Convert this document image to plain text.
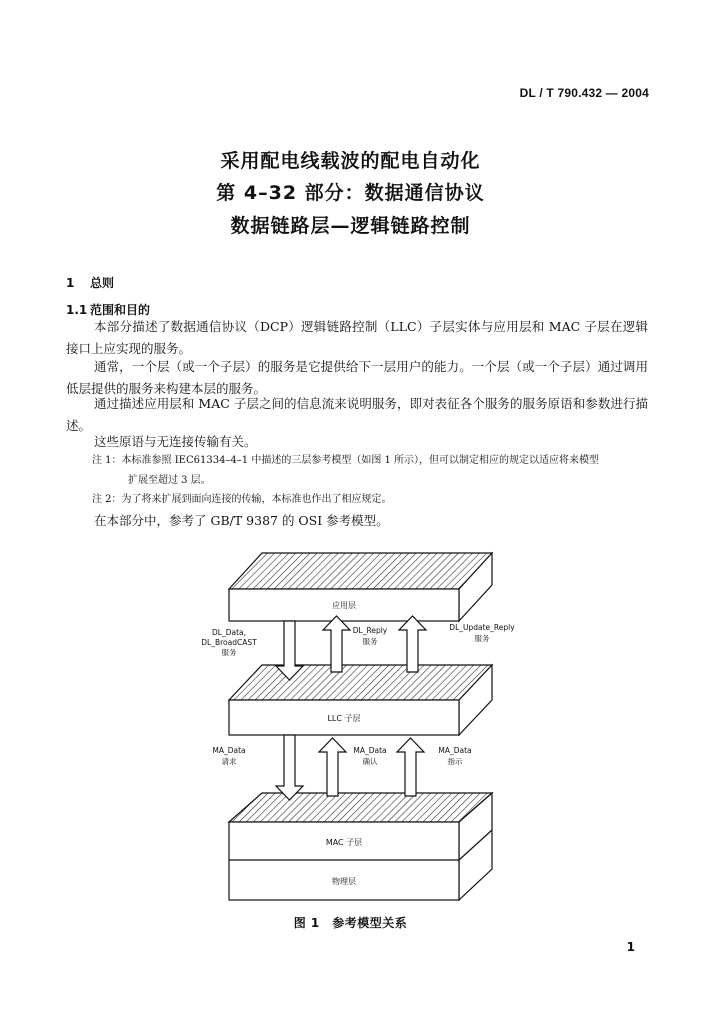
DL / T 790.432 — 2004
采用配电线载波的配电自动化
第 4–32 部分：数据通信协议
数据链路层—逻辑链路控制
1 总则
1.1 范围和目的
本部分描述了数据通信协议（DCP）逻辑链路控制（LLC）子层实体与应用层和 MAC 子层在逻辑接口上应实现的服务。
通常，一个层（或一个子层）的服务是它提供给下一层用户的能力。一个层（或一个子层）通过调用低层提供的服务来构建本层的服务。
通过描述应用层和 MAC 子层之间的信息流来说明服务，即对表征各个服务的服务原语和参数进行描述。
这些原语与无连接传输有关。
注 1：本标准参照 IEC61334–4–1 中描述的三层参考模型（如图 1 所示），但可以制定相应的规定以适应将来模型
扩展至超过 3 层。
注 2：为了将来扩展到面向连接的传输，本标准也作出了相应规定。
在本部分中，参考了 GB/T 9387 的 OSI 参考模型。
应用层
LLC 子层
MAC 子层
物理层
DL_Data,
DL_BroadCAST
服务
DL_Reply
服务
DL_Update_Reply
服务
MA_Data
请求
MA_Data
确认
MA_Data
指示
图 1　参考模型关系
1
